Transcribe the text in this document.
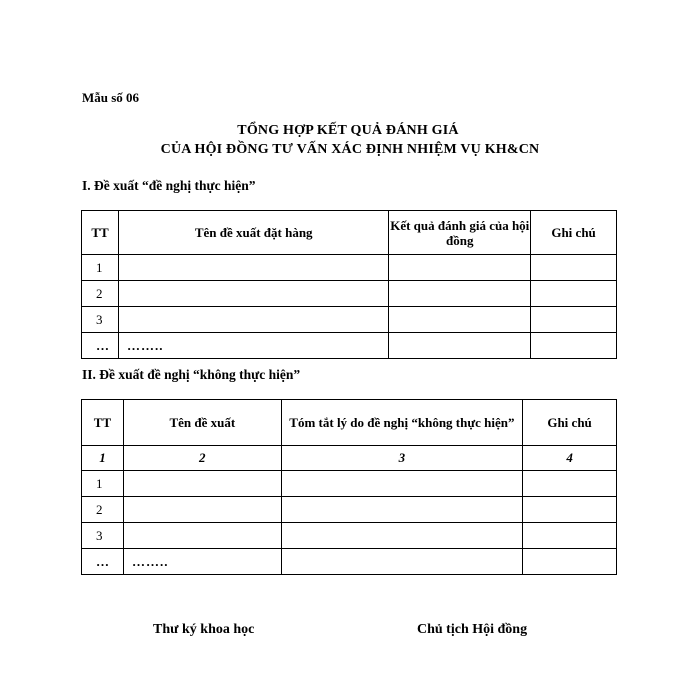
Mẫu số 06
TỔNG HỢP KẾT QUẢ ĐÁNH GIÁ
CỦA HỘI ĐỒNG TƯ VẤN XÁC ĐỊNH NHIỆM VỤ KH&CN
I. Đề xuất “đề nghị thực hiện”
TT	Tên đề xuất đặt hàng	Kết quả đánh giá của hội đồng	Ghi chú
1			
2			
3			
…	……..		
II. Đề xuất đề nghị “không thực hiện”
TT	Tên đề xuất	Tóm tắt lý do đề nghị “không thực hiện”	Ghi chú
1	2	3	4
1			
2			
3			
…	……..		
Thư ký khoa học	Chủ tịch Hội đồng
